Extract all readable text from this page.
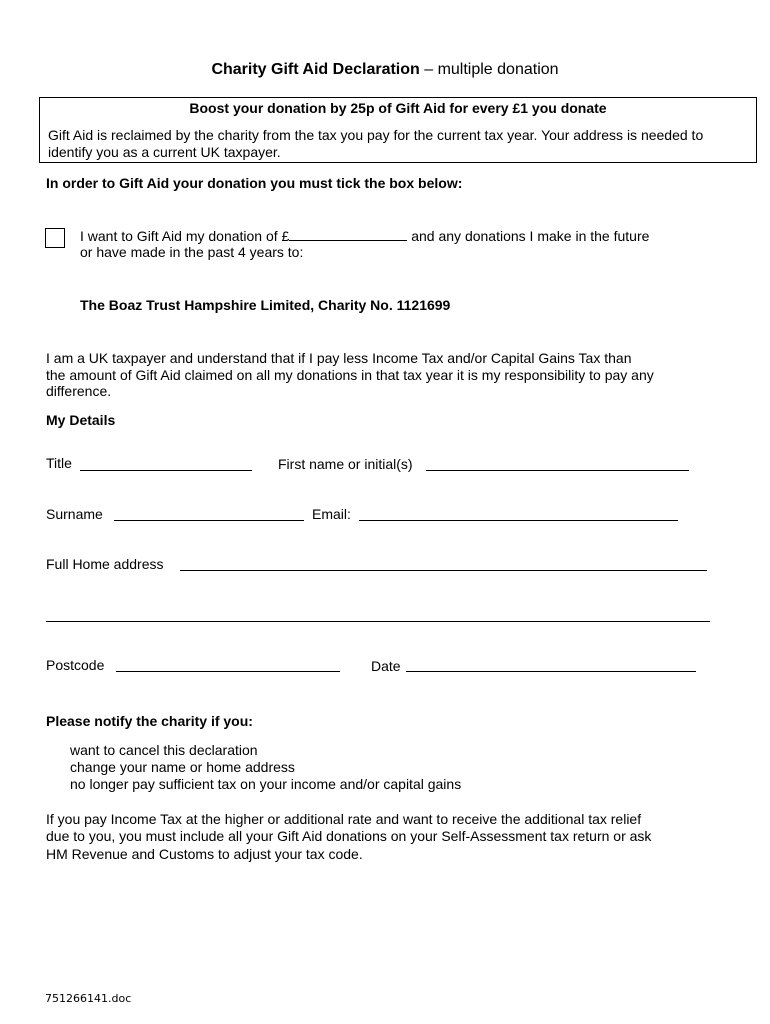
Charity Gift Aid Declaration – multiple donation
Boost your donation by 25p of Gift Aid for every £1 you donate
Gift Aid is reclaimed by the charity from the tax you pay for the current tax year. Your address is needed to identify you as a current UK taxpayer.
In order to Gift Aid your donation you must tick the box below:
I want to Gift Aid my donation of £	and any donations I make in the future
or have made in the past 4 years to:
The Boaz Trust Hampshire Limited, Charity No. 1121699
I am a UK taxpayer and understand that if I pay less Income Tax and/or Capital Gains Tax than
the amount of Gift Aid claimed on all my donations in that tax year it is my responsibility to pay any
difference.
My Details
Title	First name or initial(s)
Surname	Email:
Full Home address
Postcode	Date
Please notify the charity if you:
want to cancel this declaration
change your name or home address
no longer pay sufficient tax on your income and/or capital gains
If you pay Income Tax at the higher or additional rate and want to receive the additional tax relief
due to you, you must include all your Gift Aid donations on your Self-Assessment tax return or ask
HM Revenue and Customs to adjust your tax code.
751266141.doc
